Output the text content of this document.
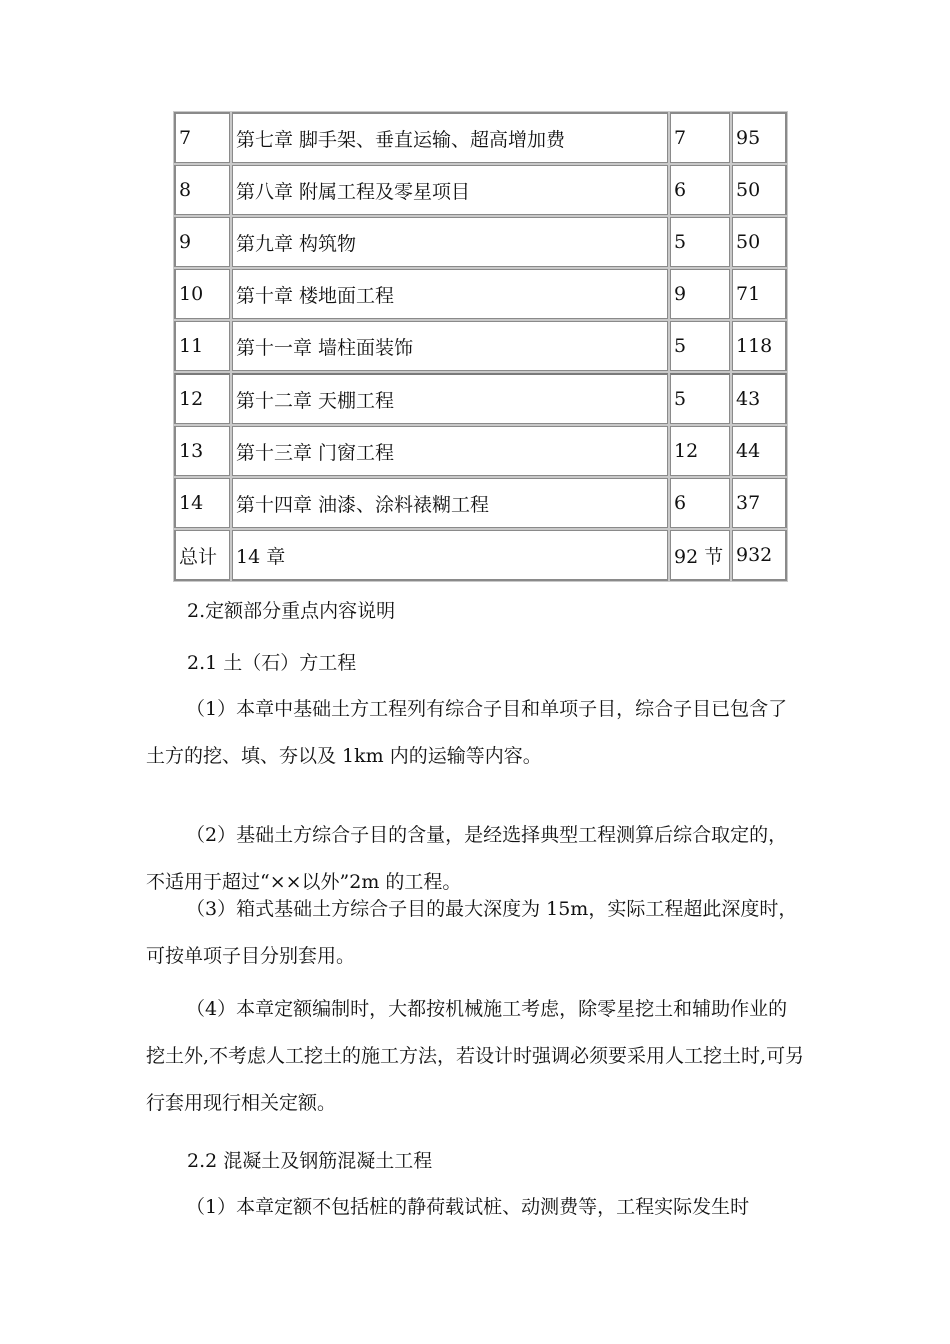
7	第七章 脚手架、垂直运输、超高增加费	7	95
8	第八章 附属工程及零星项目	6	50
9	第九章 构筑物	5	50
10	第十章 楼地面工程	9	71
11	第十一章 墙柱面装饰	5	118
12	第十二章 天棚工程	5	43
13	第十三章 门窗工程	12	44
14	第十四章 油漆、涂料裱糊工程	6	37
总计	14 章	92 节	932

2.定额部分重点内容说明

2.1 土（石）方工程

（1）本章中基础土方工程列有综合子目和单项子目，综合子目已包含了土方的挖、填、夯以及 1km 内的运输等内容。

（2）基础土方综合子目的含量，是经选择典型工程测算后综合取定的，不适用于超过“××以外”2m 的工程。

（3）箱式基础土方综合子目的最大深度为 15m，实际工程超此深度时，可按单项子目分别套用。

（4）本章定额编制时，大都按机械施工考虑，除零星挖土和辅助作业的挖土外,不考虑人工挖土的施工方法，若设计时强调必须要采用人工挖土时,可另行套用现行相关定额。

2.2 混凝土及钢筋混凝土工程

（1）本章定额不包括桩的静荷载试桩、动测费等，工程实际发生时
